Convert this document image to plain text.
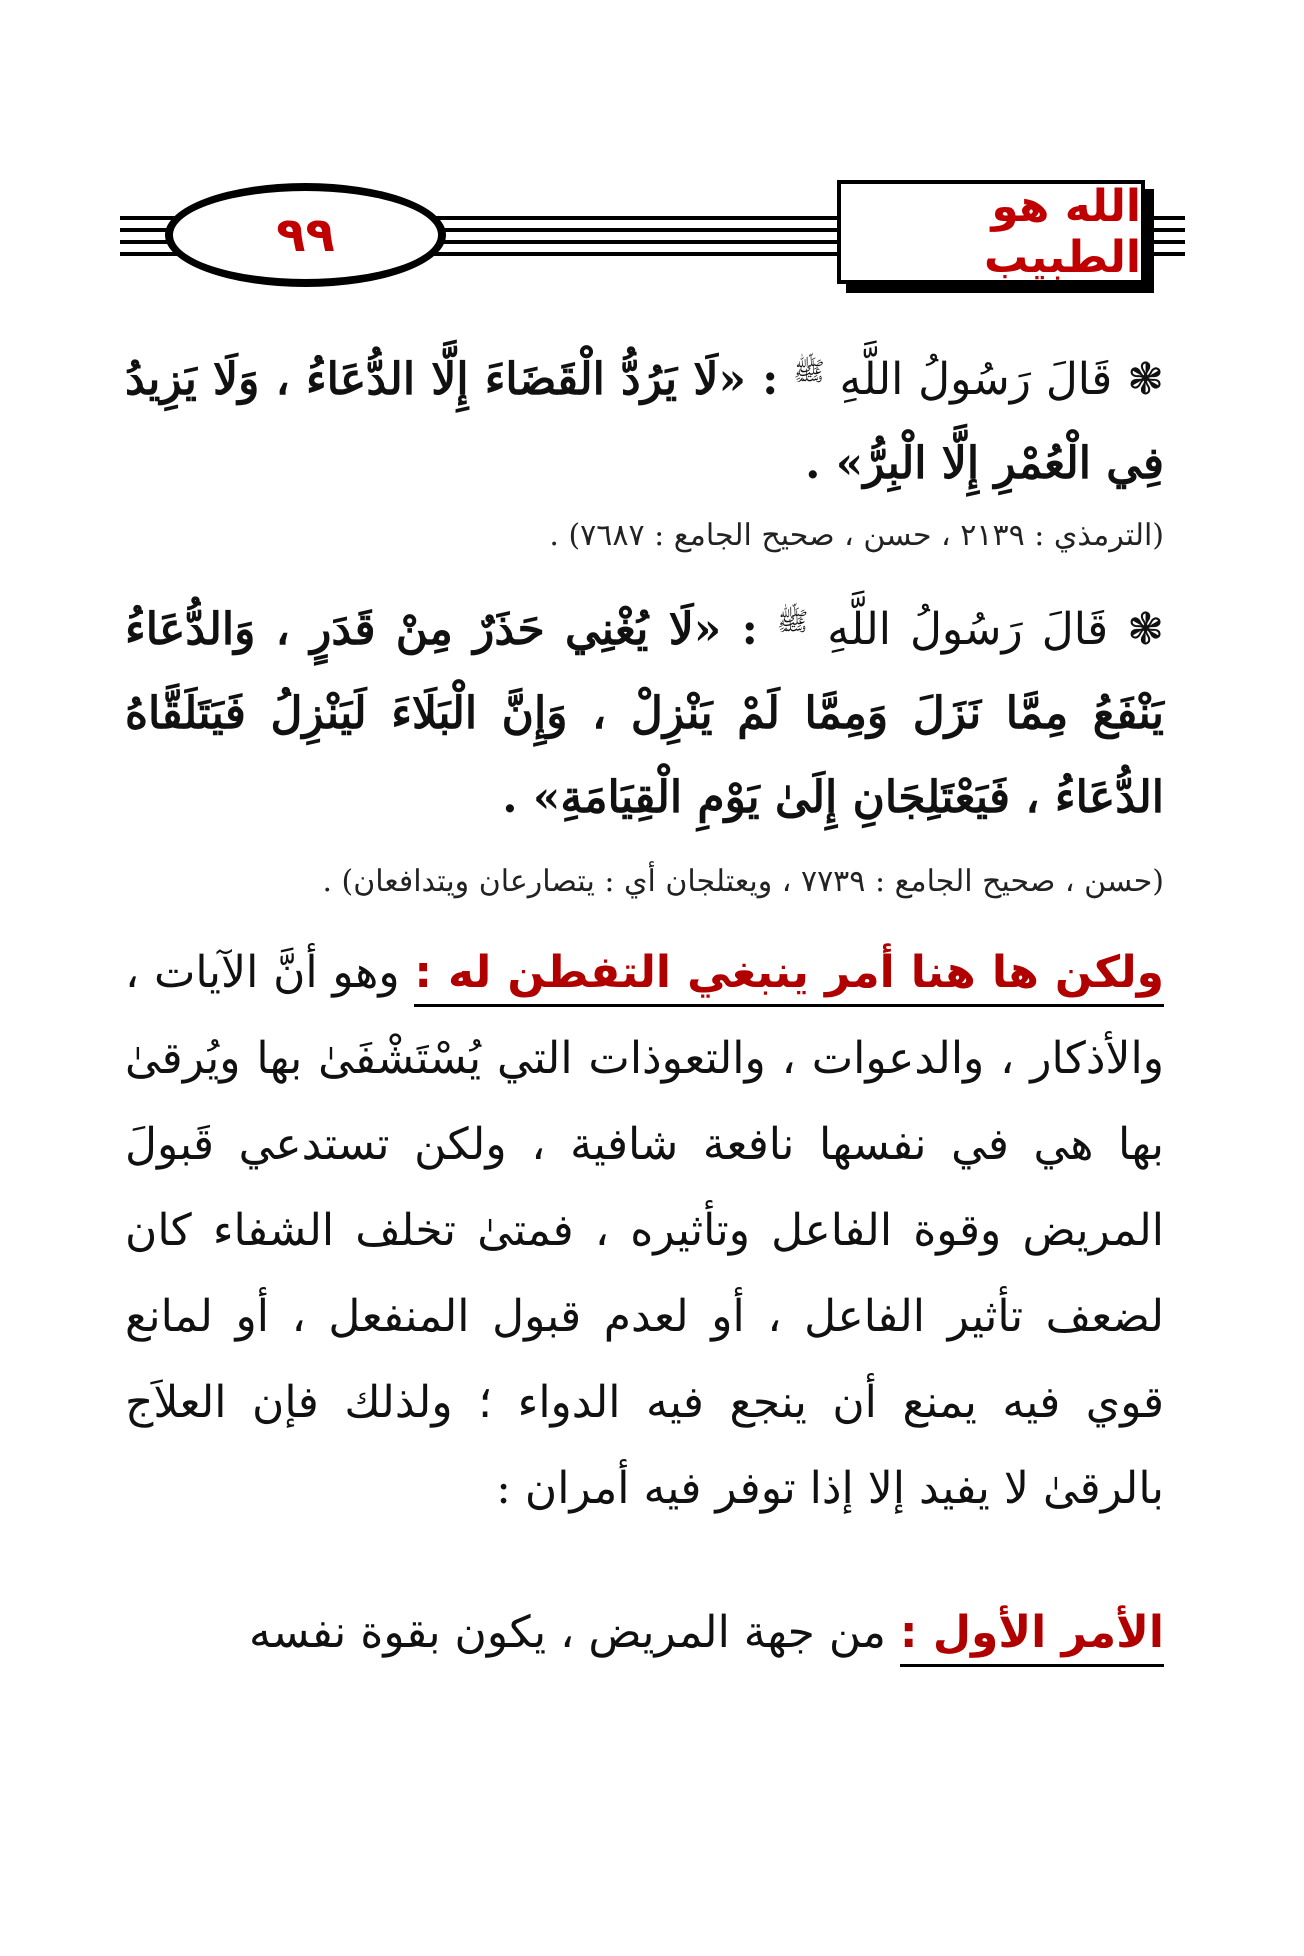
الله هو الطبيب
٩٩
❃ قَالَ رَسُولُ اللَّهِ $^ﷺ$ : «لَا يَرُدُّ الْقَضَاءَ إِلَّا الدُّعَاءُ ، وَلَا يَزِيدُ فِي الْعُمْرِ إِلَّا الْبِرُّ» .
(الترمذي : ٢١٣٩ ، حسن ، صحيح الجامع : ٧٦٨٧) .
❃ قَالَ رَسُولُ اللَّهِ $^ﷺ$ : «لَا يُغْنِي حَذَرٌ مِنْ قَدَرٍ ، وَالدُّعَاءُ يَنْفَعُ مِمَّا نَزَلَ وَمِمَّا لَمْ يَنْزِلْ ، وَإِنَّ الْبَلَاءَ لَيَنْزِلُ فَيَتَلَقَّاهُ الدُّعَاءُ ، فَيَعْتَلِجَانِ إِلَىٰ يَوْمِ الْقِيَامَةِ» .
(حسن ، صحيح الجامع : ٧٧٣٩ ، ويعتلجان أي : يتصارعان ويتدافعان) .
ولكن ها هنا أمر ينبغي التفطن له : وهو أنَّ الآيات ، والأذكار ، والدعوات ، والتعوذات التي يُسْتَشْفَىٰ بها ويُرقىٰ بها هي في نفسها نافعة شافية ، ولكن تستدعي قَبولَ المريض وقوة الفاعل وتأثيره ، فمتىٰ تخلف الشفاء كان لضعف تأثير الفاعل ، أو لعدم قبول المنفعل ، أو لمانع قوي فيه يمنع أن ينجع فيه الدواء ؛ ولذلك فإن العلاَج بالرقىٰ لا يفيد إلا إذا توفر فيه أمران :
الأمر الأول : من جهة المريض ، يكون بقوة نفسه
